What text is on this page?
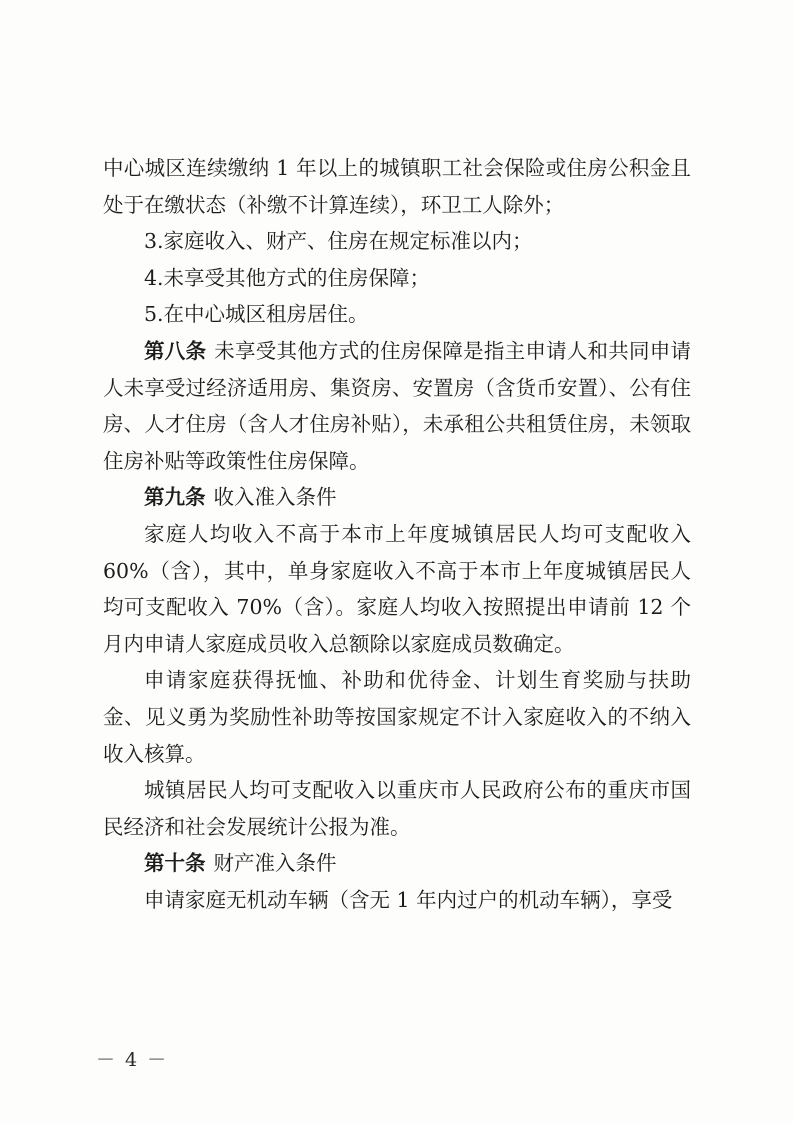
中心城区连续缴纳 1 年以上的城镇职工社会保险或住房公积金且处于在缴状态（补缴不计算连续），环卫工人除外；

3.家庭收入、财产、住房在规定标准以内；

4.未享受其他方式的住房保障；

5.在中心城区租房居住。

第八条 未享受其他方式的住房保障是指主申请人和共同申请人未享受过经济适用房、集资房、安置房（含货币安置）、公有住房、人才住房（含人才住房补贴），未承租公共租赁住房，未领取住房补贴等政策性住房保障。

第九条 收入准入条件

家庭人均收入不高于本市上年度城镇居民人均可支配收入 60%（含），其中，单身家庭收入不高于本市上年度城镇居民人均可支配收入 70%（含）。家庭人均收入按照提出申请前 12 个月内申请人家庭成员收入总额除以家庭成员数确定。

申请家庭获得抚恤、补助和优待金、计划生育奖励与扶助金、见义勇为奖励性补助等按国家规定不计入家庭收入的不纳入收入核算。

城镇居民人均可支配收入以重庆市人民政府公布的重庆市国民经济和社会发展统计公报为准。

第十条 财产准入条件

申请家庭无机动车辆（含无 1 年内过户的机动车辆），享受

－ 4 －
